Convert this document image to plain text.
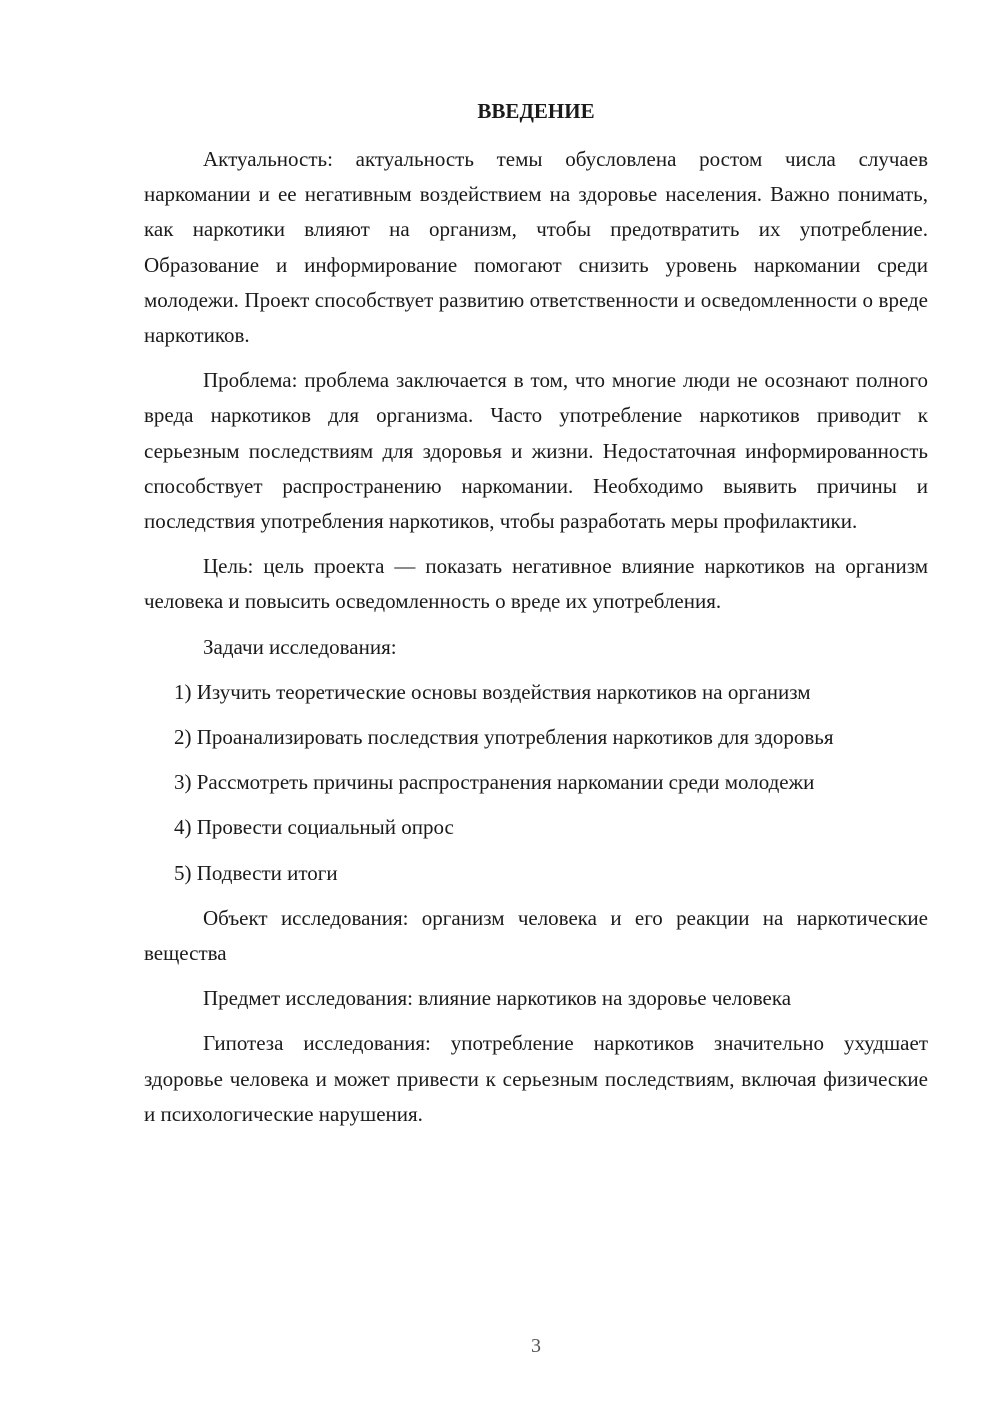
ВВЕДЕНИЕ

Актуальность: актуальность темы обусловлена ростом числа случаев наркомании и ее негативным воздействием на здоровье населения. Важно понимать, как наркотики влияют на организм, чтобы предотвратить их употребление. Образование и информирование помогают снизить уровень наркомании среди молодежи. Проект способствует развитию ответственности и осведомленности о вреде наркотиков.

Проблема: проблема заключается в том, что многие люди не осознают полного вреда наркотиков для организма. Часто употребление наркотиков приводит к серьезным последствиям для здоровья и жизни. Недостаточная информированность способствует распространению наркомании. Необходимо выявить причины и последствия употребления наркотиков, чтобы разработать меры профилактики.

Цель: цель проекта — показать негативное влияние наркотиков на организм человека и повысить осведомленность о вреде их употребления.

Задачи исследования:

1) Изучить теоретические основы воздействия наркотиков на организм

2) Проанализировать последствия употребления наркотиков для здоровья

3) Рассмотреть причины распространения наркомании среди молодежи

4) Провести социальный опрос

5) Подвести итоги

Объект исследования: организм человека и его реакции на наркотические вещества

Предмет исследования: влияние наркотиков на здоровье человека

Гипотеза исследования: употребление наркотиков значительно ухудшает здоровье человека и может привести к серьезным последствиям, включая физические и психологические нарушения.

3
